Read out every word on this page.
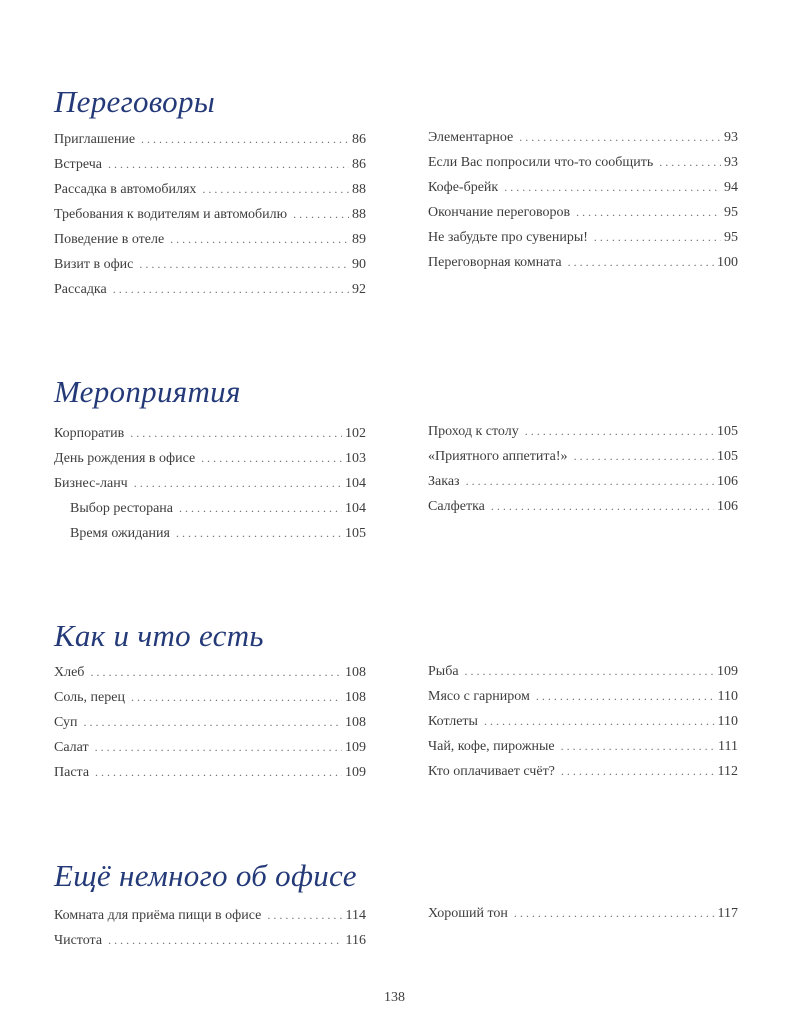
Переговоры
Приглашение . . .	86
Встреча . . .	86
Рассадка в автомобилях . . .	88
Требования к водителям и автомобилю . . .	88
Поведение в отеле . . .	89
Визит в офис . . .	90
Рассадка . . .	92
Элементарное . . .	93
Если Вас попросили что-то сообщить . . .	93
Кофе-брейк . . .	94
Окончание переговоров . . .	95
Не забудьте про сувениры! . . .	95
Переговорная комната . . .	100
Мероприятия
Корпоратив . . .	102
День рождения в офисе . . .	103
Бизнес-ланч . . .	104
Выбор ресторана . . .	104
Время ожидания . . .	105
Проход к столу . . .	105
«Приятного аппетита!» . . .	105
Заказ . . .	106
Салфетка . . .	106
Как и что есть
Хлеб . . .	108
Соль, перец . . .	108
Суп . . .	108
Салат . . .	109
Паста . . .	109
Рыба . . .	109
Мясо с гарниром . . .	110
Котлеты . . .	110
Чай, кофе, пирожные . . .	111
Кто оплачивает счёт? . . .	112
Ещё немного об офисе
Комната для приёма пищи в офисе . . .	114
Чистота . . .	116
Хороший тон . . .	117
138
